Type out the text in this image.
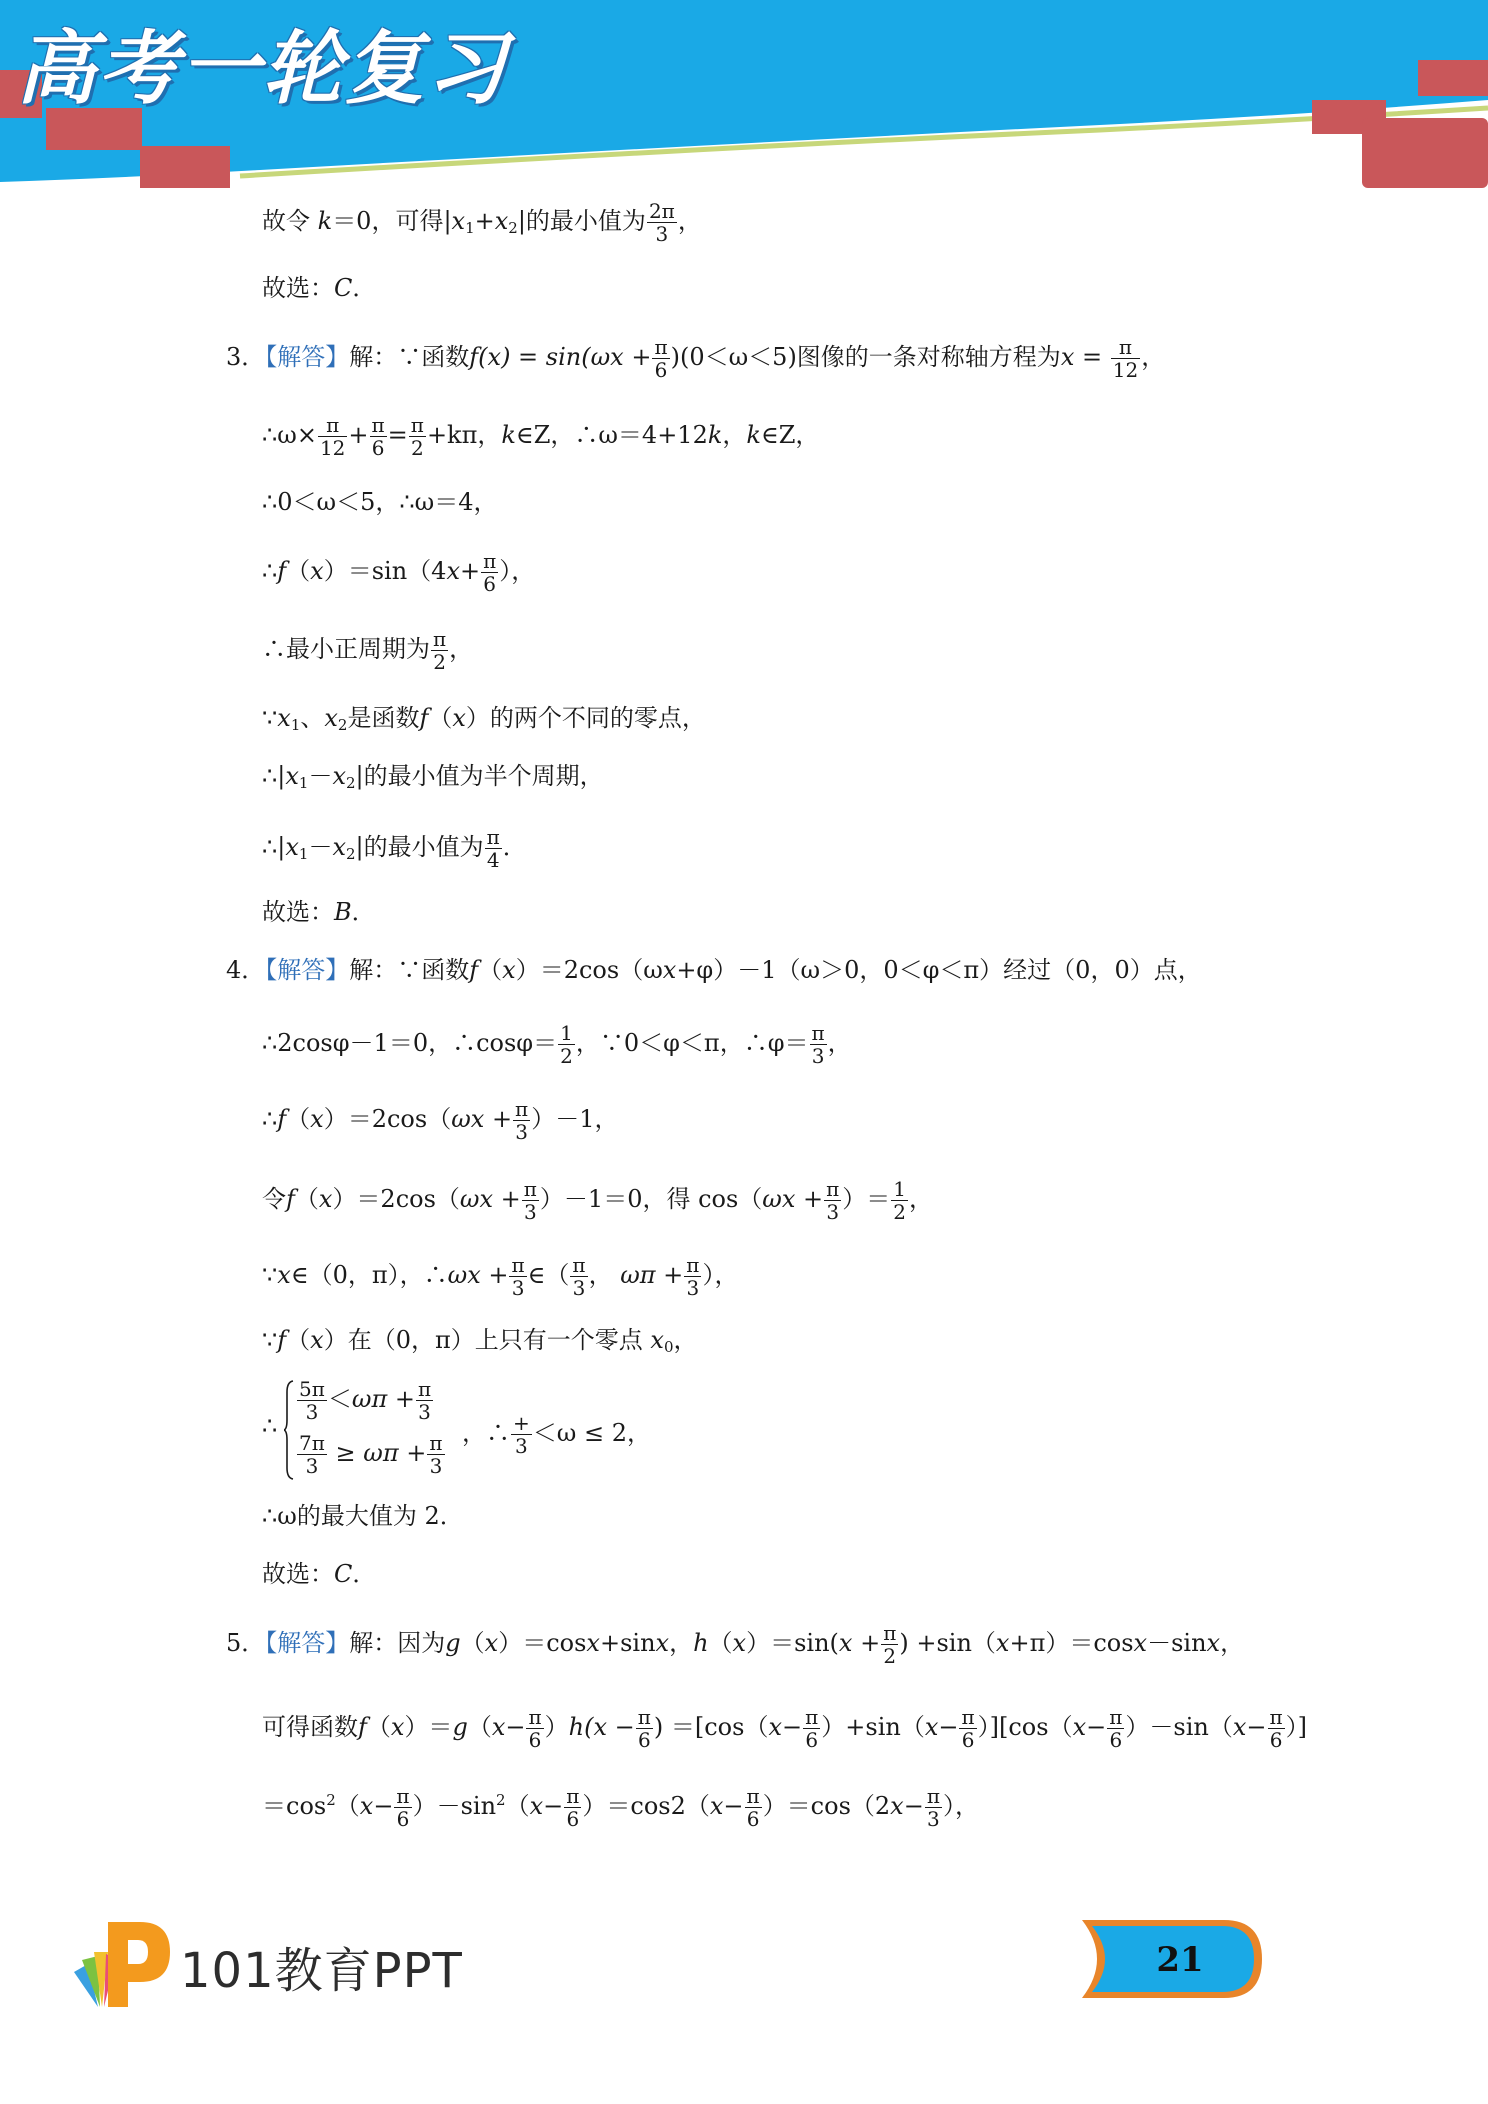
高考一轮复习
故令 k＝0，可得$|x_1+x_2|$的最小值为 $\frac{2\pi}{3}$ ，
故选：C．
3．【解答】解：∵函数$f(x) = \sin(\omega x + \frac{\pi}{6} )(0<\omega<5)$图像的一条对称轴方程为$x = \frac{\pi}{12}$ ，
∴ω× $\frac{\pi}{12} + \frac{\pi}{6} = \frac{\pi}{2} +k\pi$，k∈Z，∴ω＝4+12k，k∈Z，
∴0＜ω＜5，∴ω＝4，
∴f（x）＝sin（4x+ $\frac{\pi}{6}$ ），
∴最小正周期为 $\frac{\pi}{2}$ ，
$\because x_1$、$x_2$是函数f（x）的两个不同的零点，
$\therefore|x_1-x_2|$的最小值为半个周期，
$\therefore|x_1-x_2|$的最小值为 $\frac{\pi}{4}$ ．
故选：B．
4．【解答】解：∵函数f（x）＝2cos（ωx+φ）－1（ω＞0，0＜φ＜π）经过（0，0）点，
∴2cosφ－1＝0，∴cosφ＝ $\frac{1}{2}$ ，∵0＜φ＜π，∴φ＝ $\frac{\pi}{3}$ ，
∴f（x）＝2cos（ωx + $\frac{\pi}{3} )-1$，
令$f(x)=2\cos(\omega x + \frac{\pi}{3} )-1=0$，得 $\cos(\omega x + \frac{\pi}{3}$ ）＝ $\frac{1}{2}$ ，
∵x∈（0，π），∴ωx + $\frac{\pi}{3}$ ∈（ $\frac{\pi}{3}$ ， $\omega\pi + \frac{\pi}{3}$ ），
∵f（x）在（0，π）上只有一个零点 $x_0$，
∴
$\frac{5\pi}{3} <\omega\pi + \frac{\pi}{3}$
$\frac{7\pi}{3} \ge \omega\pi + \frac{\pi}{3}$ ，∴ $\frac{+}{3} <\omega \le 2$，
∴ω的最大值为 2．
故选：C．
5．【解答】解：因为g（x）＝cosx+sinx，$h(x)=\sin(x + \frac{\pi}{2}$ ) +sin（x+π）＝cosx－sinx，
可得函数$f(x)=g(x- \frac{\pi}{6} )h(x - \frac{\pi}{6}$ ) $=[\cos(x- \frac{\pi}{6} )+\sin(x- \frac{\pi}{6} )][\cos(x- \frac{\pi}{6} )-\sin(x- \frac{\pi}{6}$ ）]
$=\cos^2(x- \frac{\pi}{6} )-\sin^2(x- \frac{\pi}{6} )=\cos 2(x- \frac{\pi}{6} )=\cos(2x- \frac{\pi}{3}$ ），
101教育PPT	21
